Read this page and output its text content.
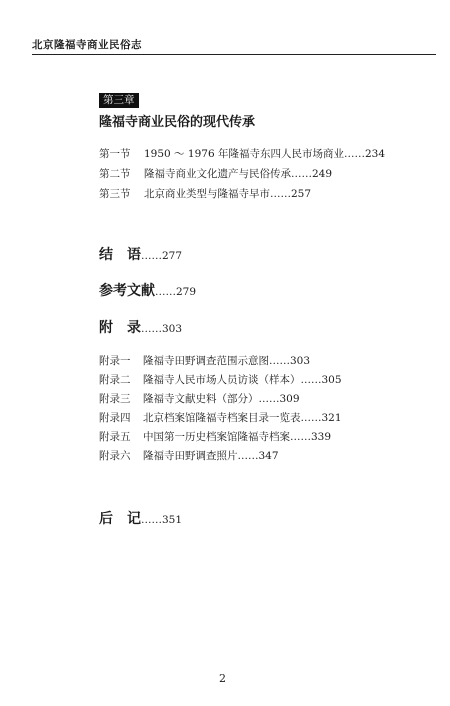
北京隆福寺商业民俗志
第三章
隆福寺商业民俗的现代传承
第一节 1950 ～ 1976 年隆福寺东四人民市场商业……234
第二节 隆福寺商业文化遗产与民俗传承……249
第三节 北京商业类型与隆福寺早市……257
结　语……277
参考文献……279
附　录……303
附录一 隆福寺田野调查范围示意图……303
附录二 隆福寺人民市场人员访谈（样本）……305
附录三 隆福寺文献史料（部分）……309
附录四 北京档案馆隆福寺档案目录一览表……321
附录五 中国第一历史档案馆隆福寺档案……339
附录六 隆福寺田野调查照片……347
后　记……351
2
